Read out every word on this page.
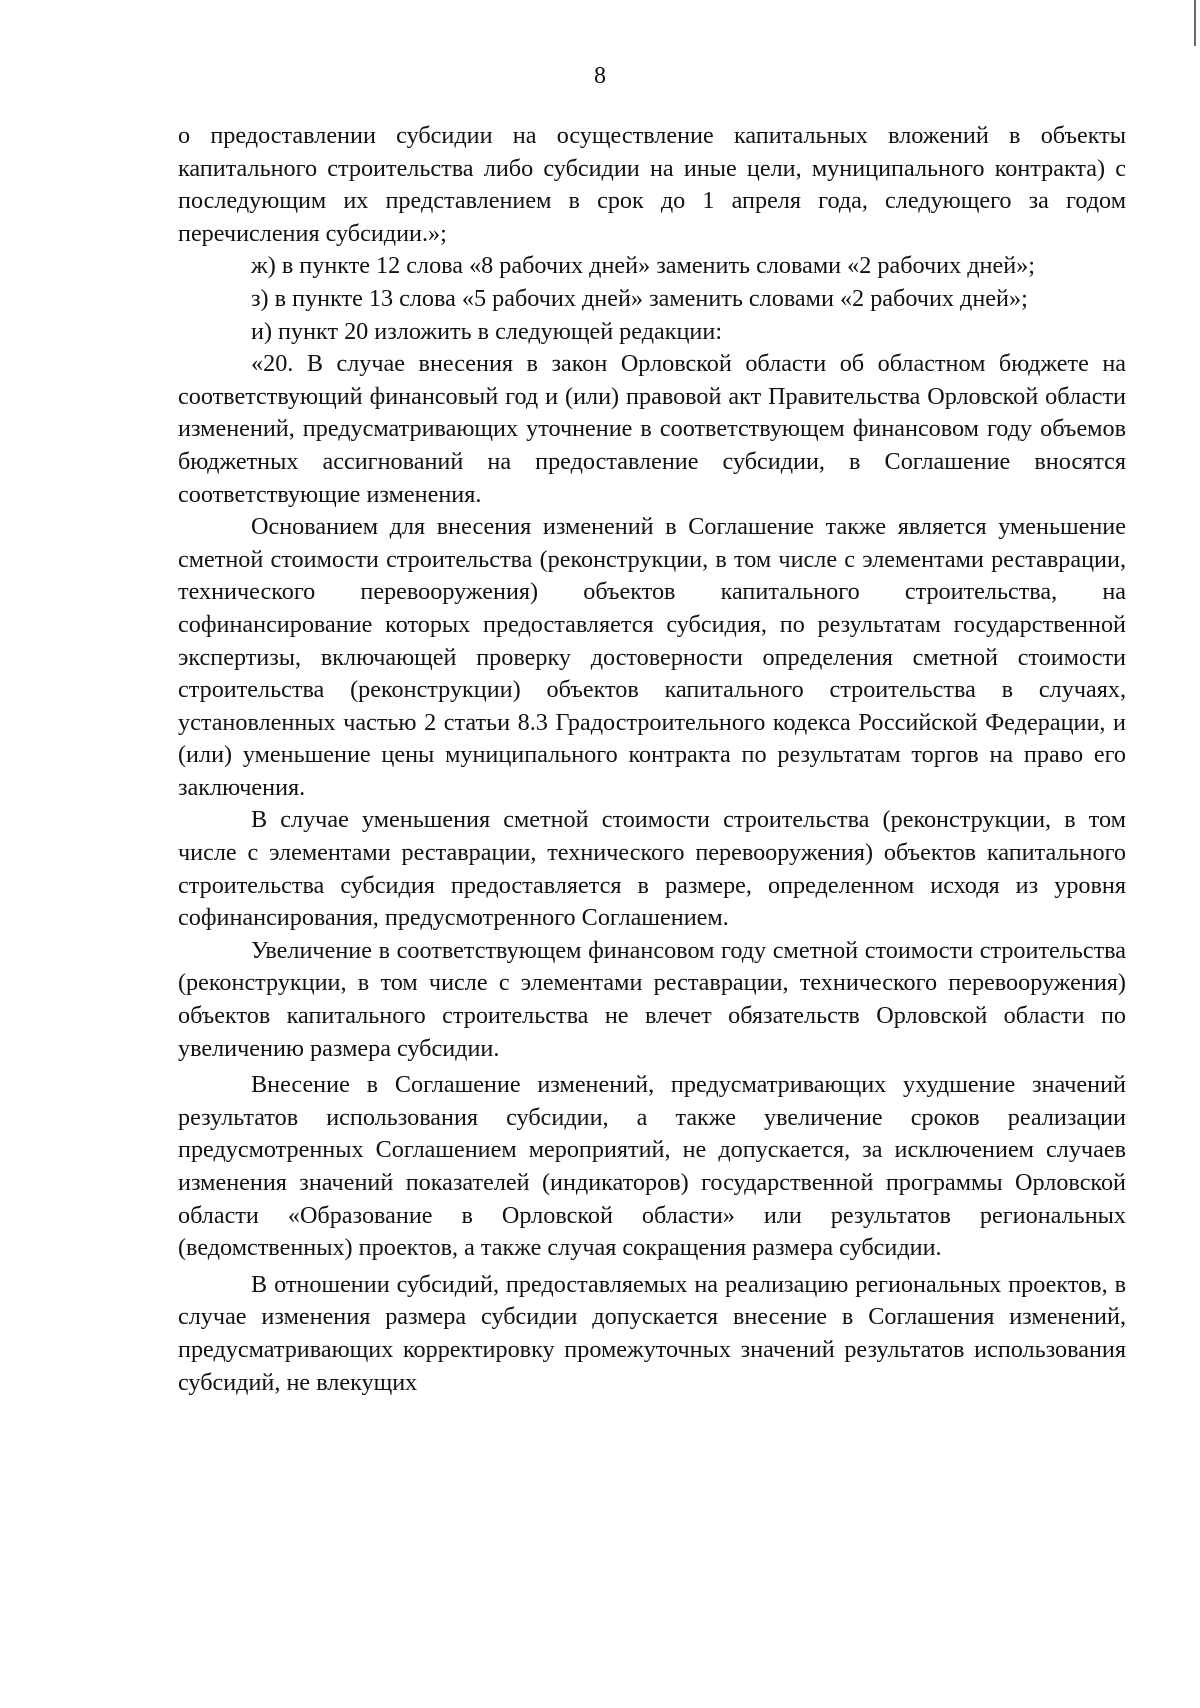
8

о предоставлении субсидии на осуществление капитальных вложений в объекты капитального строительства либо субсидии на иные цели, муниципального контракта) с последующим их представлением в срок до 1 апреля года, следующего за годом перечисления субсидии.»;

ж) в пункте 12 слова «8 рабочих дней» заменить словами «2 рабочих дней»;

з) в пункте 13 слова «5 рабочих дней» заменить словами «2 рабочих дней»;

и) пункт 20 изложить в следующей редакции:

«20. В случае внесения в закон Орловской области об областном бюджете на соответствующий финансовый год и (или) правовой акт Правительства Орловской области изменений, предусматривающих уточнение в соответствующем финансовом году объемов бюджетных ассигнований на предоставление субсидии, в Соглашение вносятся соответствующие изменения.

Основанием для внесения изменений в Соглашение также является уменьшение сметной стоимости строительства (реконструкции, в том числе с элементами реставрации, технического перевооружения) объектов капитального строительства, на софинансирование которых предоставляется субсидия, по результатам государственной экспертизы, включающей проверку достоверности определения сметной стоимости строительства (реконструкции) объектов капитального строительства в случаях, установленных частью 2 статьи 8.3 Градостроительного кодекса Российской Федерации, и (или) уменьшение цены муниципального контракта по результатам торгов на право его заключения.

В случае уменьшения сметной стоимости строительства (реконструкции, в том числе с элементами реставрации, технического перевооружения) объектов капитального строительства субсидия предоставляется в размере, определенном исходя из уровня софинансирования, предусмотренного Соглашением.

Увеличение в соответствующем финансовом году сметной стоимости строительства (реконструкции, в том числе с элементами реставрации, технического перевооружения) объектов капитального строительства не влечет обязательств Орловской области по увеличению размера субсидии.

Внесение в Соглашение изменений, предусматривающих ухудшение значений результатов использования субсидии, а также увеличение сроков реализации предусмотренных Соглашением мероприятий, не допускается, за исключением случаев изменения значений показателей (индикаторов) государственной программы Орловской области «Образование в Орловской области» или результатов региональных (ведомственных) проектов, а также случая сокращения размера субсидии.

В отношении субсидий, предоставляемых на реализацию региональных проектов, в случае изменения размера субсидии допускается внесение в Соглашения изменений, предусматривающих корректировку промежуточных значений результатов использования субсидий, не влекущих
